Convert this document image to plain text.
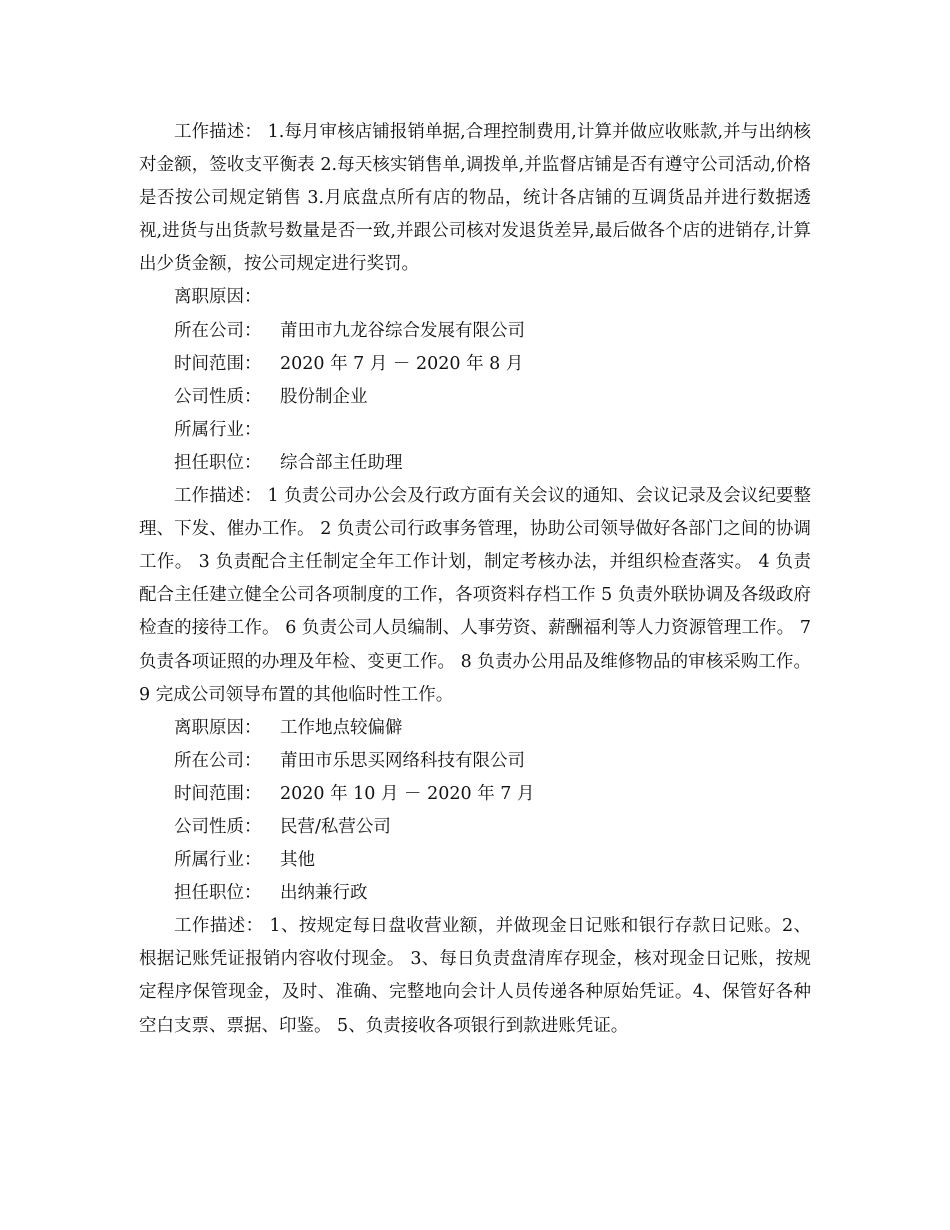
工作描述： 1.每月审核店铺报销单据,合理控制费用,计算并做应收账款,并与出纳核对金额，签收支平衡表 2.每天核实销售单,调拨单,并监督店铺是否有遵守公司活动,价格是否按公司规定销售 3.月底盘点所有店的物品，统计各店铺的互调货品并进行数据透视,进货与出货款号数量是否一致,并跟公司核对发退货差异,最后做各个店的进销存,计算出少货金额，按公司规定进行奖罚。

离职原因：
所在公司： 莆田市九龙谷综合发展有限公司
时间范围： 2020 年 7 月 － 2020 年 8 月
公司性质： 股份制企业
所属行业：
担任职位： 综合部主任助理

工作描述： 1 负责公司办公会及行政方面有关会议的通知、会议记录及会议纪要整理、下发、催办工作。 2 负责公司行政事务管理，协助公司领导做好各部门之间的协调工作。 3 负责配合主任制定全年工作计划，制定考核办法，并组织检查落实。 4 负责配合主任建立健全公司各项制度的工作，各项资料存档工作 5 负责外联协调及各级政府检查的接待工作。 6 负责公司人员编制、人事劳资、薪酬福利等人力资源管理工作。 7 负责各项证照的办理及年检、变更工作。 8 负责办公用品及维修物品的审核采购工作。 9 完成公司领导布置的其他临时性工作。

离职原因： 工作地点较偏僻
所在公司： 莆田市乐思买网络科技有限公司
时间范围： 2020 年 10 月 － 2020 年 7 月
公司性质： 民营/私营公司
所属行业： 其他
担任职位： 出纳兼行政

工作描述： 1、按规定每日盘收营业额，并做现金日记账和银行存款日记账。2、根据记账凭证报销内容收付现金。 3、每日负责盘清库存现金，核对现金日记账，按规定程序保管现金，及时、准确、完整地向会计人员传递各种原始凭证。4、保管好各种空白支票、票据、印鉴。 5、负责接收各项银行到款进账凭证。
